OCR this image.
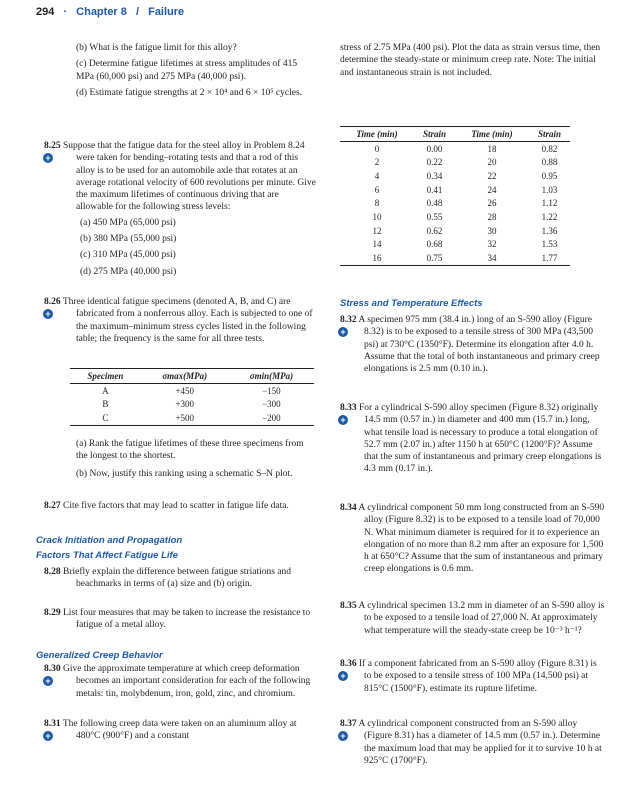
294 · Chapter 8 / Failure

(b) What is the fatigue limit for this alloy?

(c) Determine fatigue lifetimes at stress amplitudes of 415 MPa (60,000 psi) and 275 MPa (40,000 psi).

(d) Estimate fatigue strengths at 2 × 10⁴ and 6 × 10⁵ cycles.

+

8.25 Suppose that the fatigue data for the steel alloy in Problem 8.24 were taken for bending–rotating tests and that a rod of this alloy is to be used for an automobile axle that rotates at an average rotational velocity of 600 revolutions per minute. Give the maximum lifetimes of continuous driving that are allowable for the following stress levels:

(a) 450 MPa (65,000 psi)

(b) 380 MPa (55,000 psi)

(c) 310 MPa (45,000 psi)

(d) 275 MPa (40,000 psi)

+

8.26 Three identical fatigue specimens (denoted A, B, and C) are fabricated from a nonferrous alloy. Each is subjected to one of the maximum–minimum stress cycles listed in the following table; the frequency is the same for all three tests.

Specimen	σmax(MPa)	σmin(MPa)
A	+450	−150
B	+300	−300
C	+500	−200

(a) Rank the fatigue lifetimes of these three specimens from the longest to the shortest.

(b) Now, justify this ranking using a schematic S–N plot.

8.27 Cite five factors that may lead to scatter in fatigue life data.

Crack Initiation and Propagation
Factors That Affect Fatigue Life

8.28 Briefly explain the difference between fatigue striations and beachmarks in terms of (a) size and (b) origin.

8.29 List four measures that may be taken to increase the resistance to fatigue of a metal alloy.

Generalized Creep Behavior
+

8.30 Give the approximate temperature at which creep deformation becomes an important consideration for each of the following metals: tin, molybdenum, iron, gold, zinc, and chromium.

+

8.31 The following creep data were taken on an aluminum alloy at 480°C (900°F) and a constant

stress of 2.75 MPa (400 psi). Plot the data as strain versus time, then determine the steady-state or minimum creep rate. Note: The initial and instantaneous strain is not included.
Time (min)	Strain	Time (min)	Strain
0	0.00	18	0.82
2	0.22	20	0.88
4	0.34	22	0.95
6	0.41	24	1.03
8	0.48	26	1.12
10	0.55	28	1.22
12	0.62	30	1.36
14	0.68	32	1.53
16	0.75	34	1.77
Stress and Temperature Effects
+

8.32 A specimen 975 mm (38.4 in.) long of an S-590 alloy (Figure 8.32) is to be exposed to a tensile stress of 300 MPa (43,500 psi) at 730°C (1350°F). Determine its elongation after 4.0 h. Assume that the total of both instantaneous and primary creep elongations is 2.5 mm (0.10 in.).

+

8.33 For a cylindrical S-590 alloy specimen (Figure 8.32) originally 14.5 mm (0.57 in.) in diameter and 400 mm (15.7 in.) long, what tensile load is necessary to produce a total elongation of 52.7 mm (2.07 in.) after 1150 h at 650°C (1200°F)? Assume that the sum of instantaneous and primary creep elongations is 4.3 mm (0.17 in.).

8.34 A cylindrical component 50 mm long constructed from an S-590 alloy (Figure 8.32) is to be exposed to a tensile load of 70,000 N. What minimum diameter is required for it to experience an elongation of no more than 8.2 mm after an exposure for 1,500 h at 650°C? Assume that the sum of instantaneous and primary creep elongations is 0.6 mm.

8.35 A cylindrical specimen 13.2 mm in diameter of an S-590 alloy is to be exposed to a tensile load of 27,000 N. At approximately what temperature will the steady-state creep be 10⁻³ h⁻¹?

+

8.36 If a component fabricated from an S-590 alloy (Figure 8.31) is to be exposed to a tensile stress of 100 MPa (14,500 psi) at 815°C (1500°F), estimate its rupture lifetime.

+

8.37 A cylindrical component constructed from an S-590 alloy (Figure 8.31) has a diameter of 14.5 mm (0.57 in.). Determine the maximum load that may be applied for it to survive 10 h at 925°C (1700°F).
